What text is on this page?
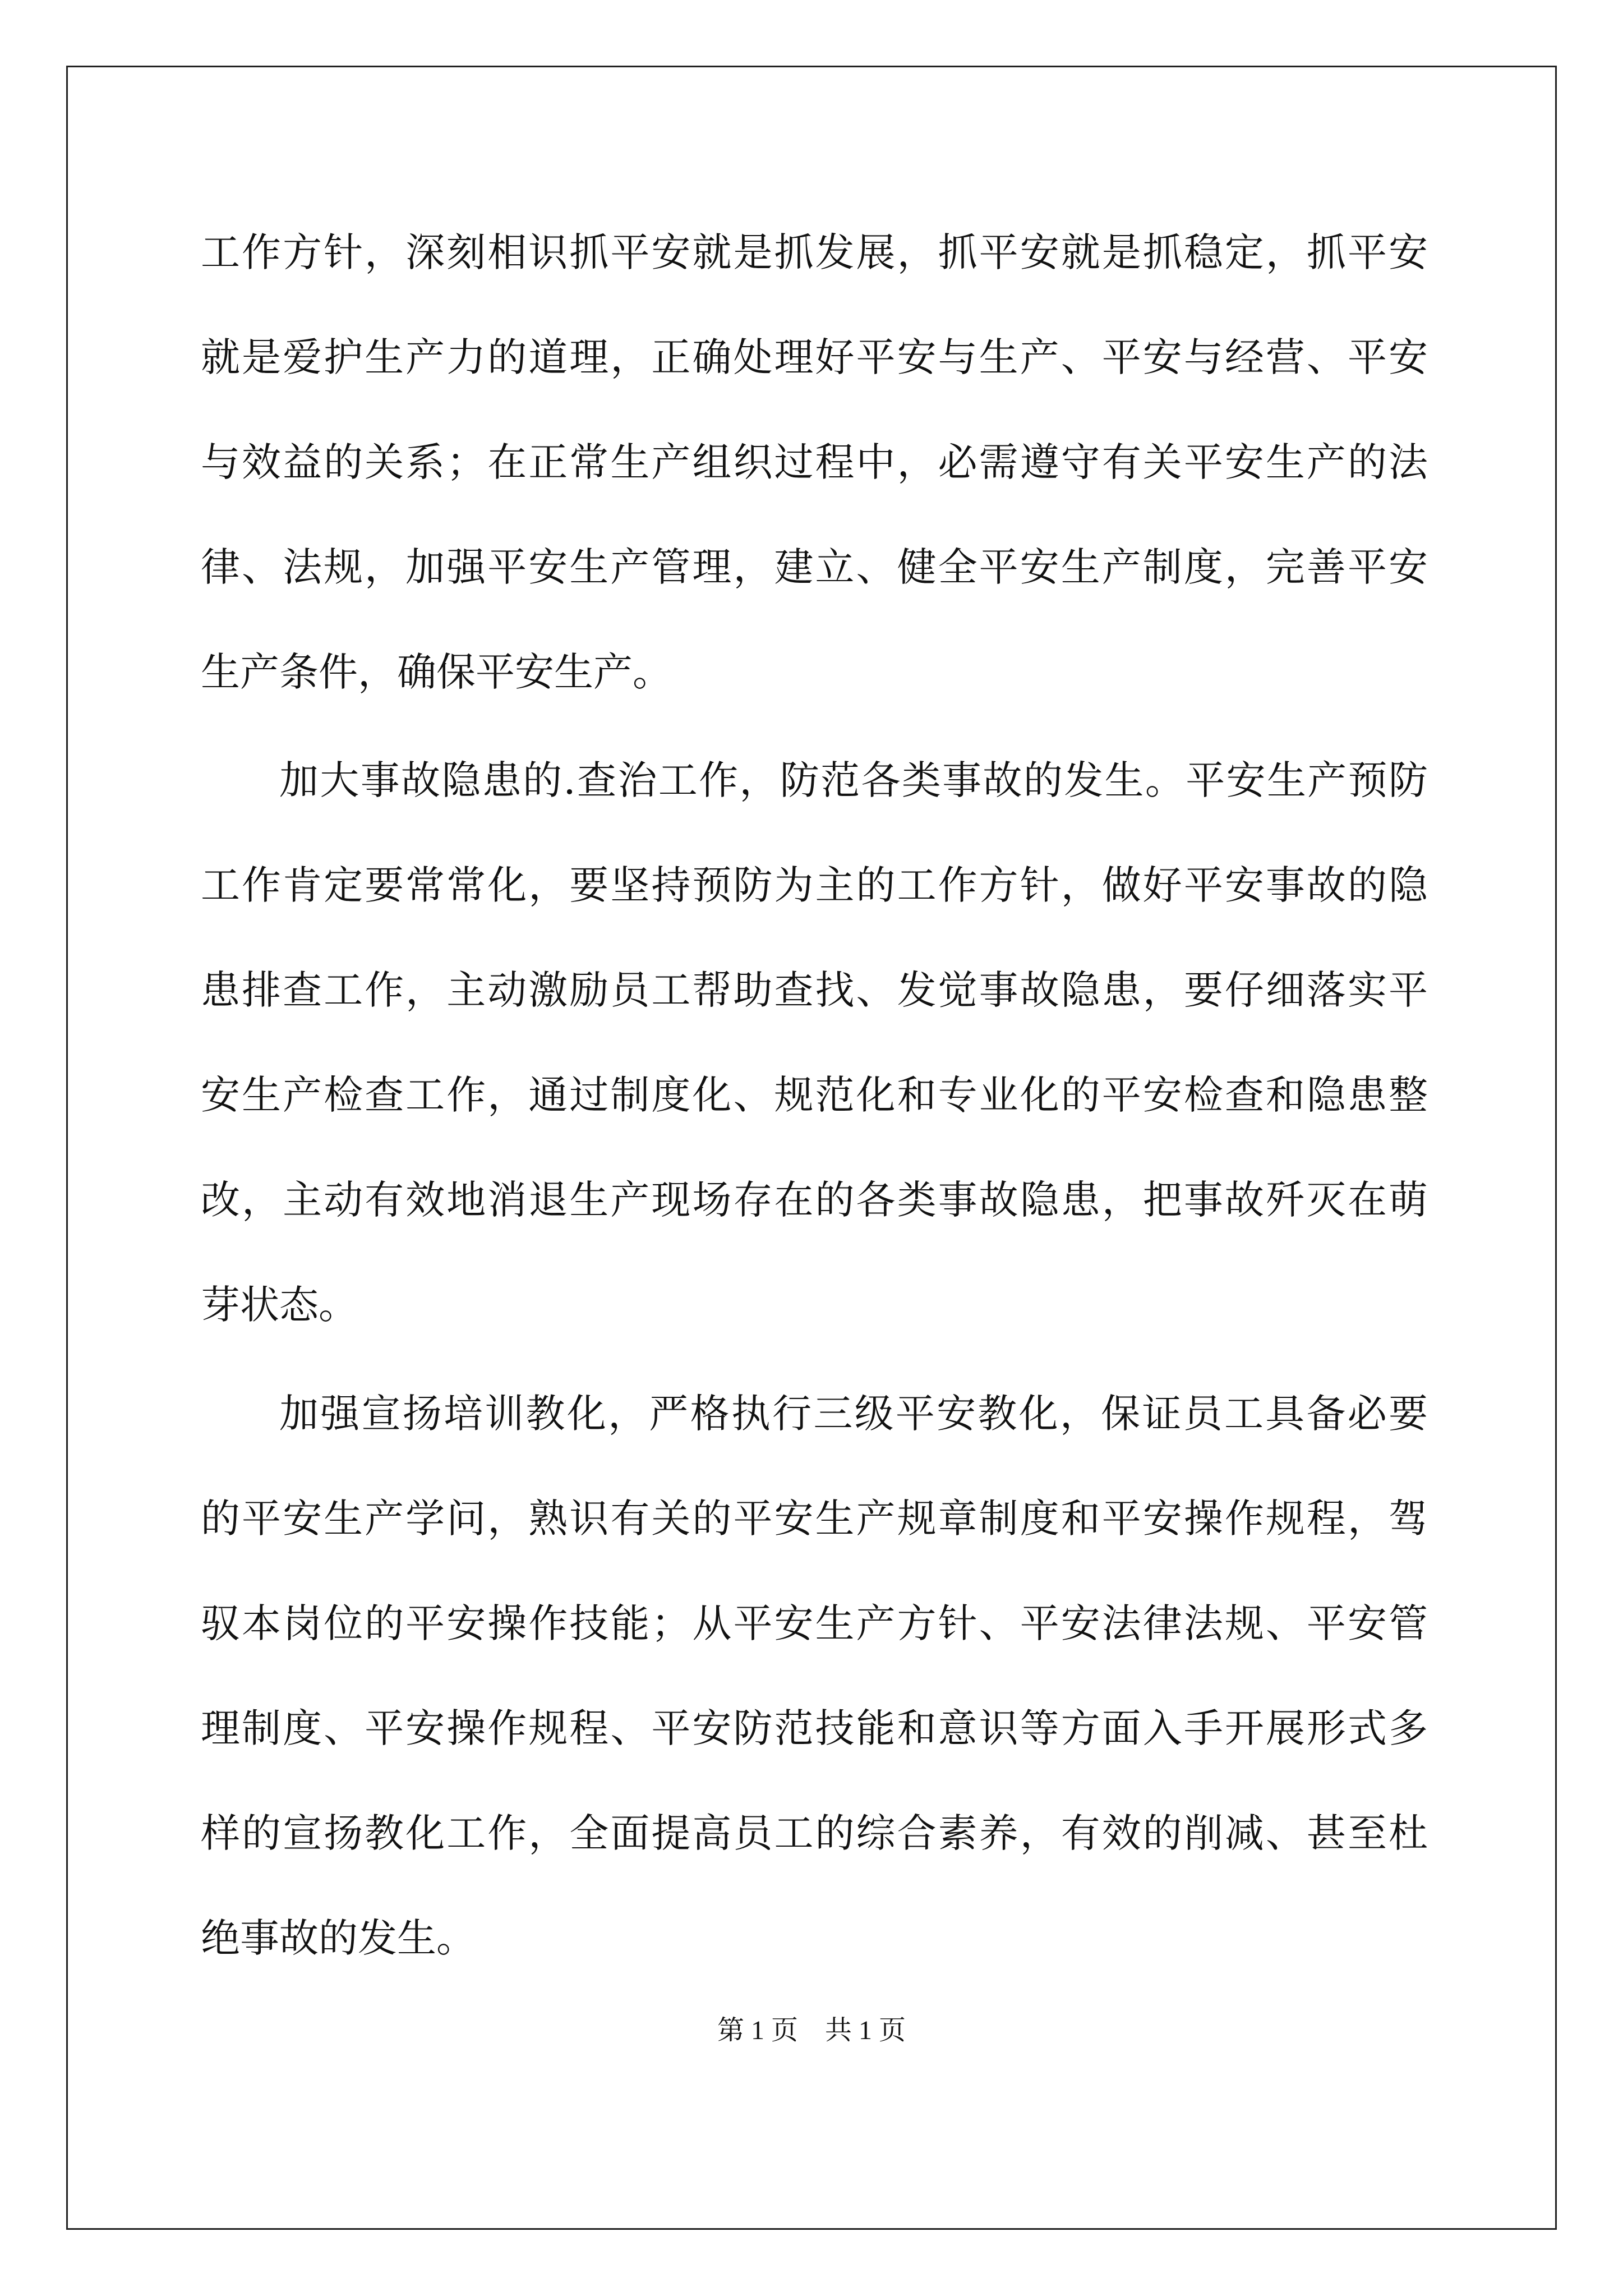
工作方针，深刻相识抓平安就是抓发展，抓平安就是抓稳定，抓平安

就是爱护生产力的道理，正确处理好平安与生产、平安与经营、平安

与效益的关系；在正常生产组织过程中，必需遵守有关平安生产的法

律、法规，加强平安生产管理，建立、健全平安生产制度，完善平安

生产条件，确保平安生产。

加大事故隐患的.查治工作，防范各类事故的发生。平安生产预防

工作肯定要常常化，要坚持预防为主的工作方针，做好平安事故的隐

患排查工作，主动激励员工帮助查找、发觉事故隐患，要仔细落实平

安生产检查工作，通过制度化、规范化和专业化的平安检查和隐患整

改，主动有效地消退生产现场存在的各类事故隐患，把事故歼灭在萌

芽状态。

加强宣扬培训教化，严格执行三级平安教化，保证员工具备必要

的平安生产学问，熟识有关的平安生产规章制度和平安操作规程，驾

驭本岗位的平安操作技能；从平安生产方针、平安法律法规、平安管

理制度、平安操作规程、平安防范技能和意识等方面入手开展形式多

样的宣扬教化工作，全面提高员工的综合素养，有效的削减、甚至杜

绝事故的发生。

第 1 页　共 1 页
